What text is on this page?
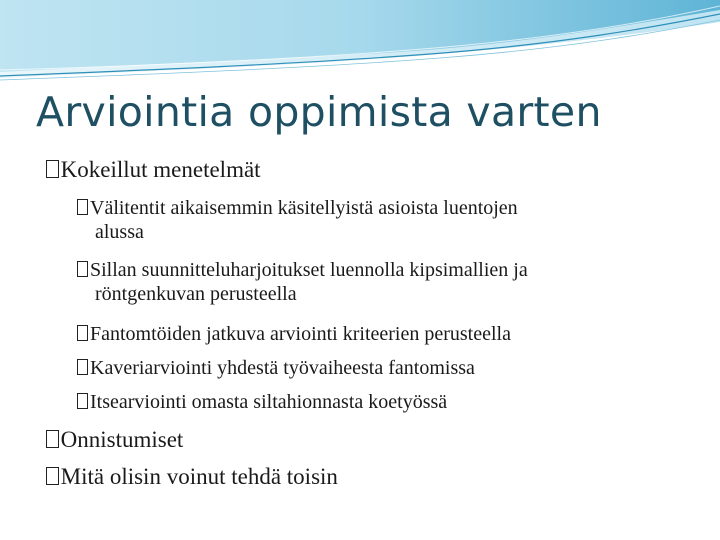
Arviointia oppimista varten
Kokeillut menetelmät
Välitentit aikaisemmin käsitellyistä asioista luentojen
alussa
Sillan suunnitteluharjoitukset luennolla kipsimallien ja
röntgenkuvan perusteella
Fantomtöiden jatkuva arviointi kriteerien perusteella
Kaveriarviointi yhdestä työvaiheesta fantomissa
Itsearviointi omasta siltahionnasta koetyössä
Onnistumiset
Mitä olisin voinut tehdä toisin
